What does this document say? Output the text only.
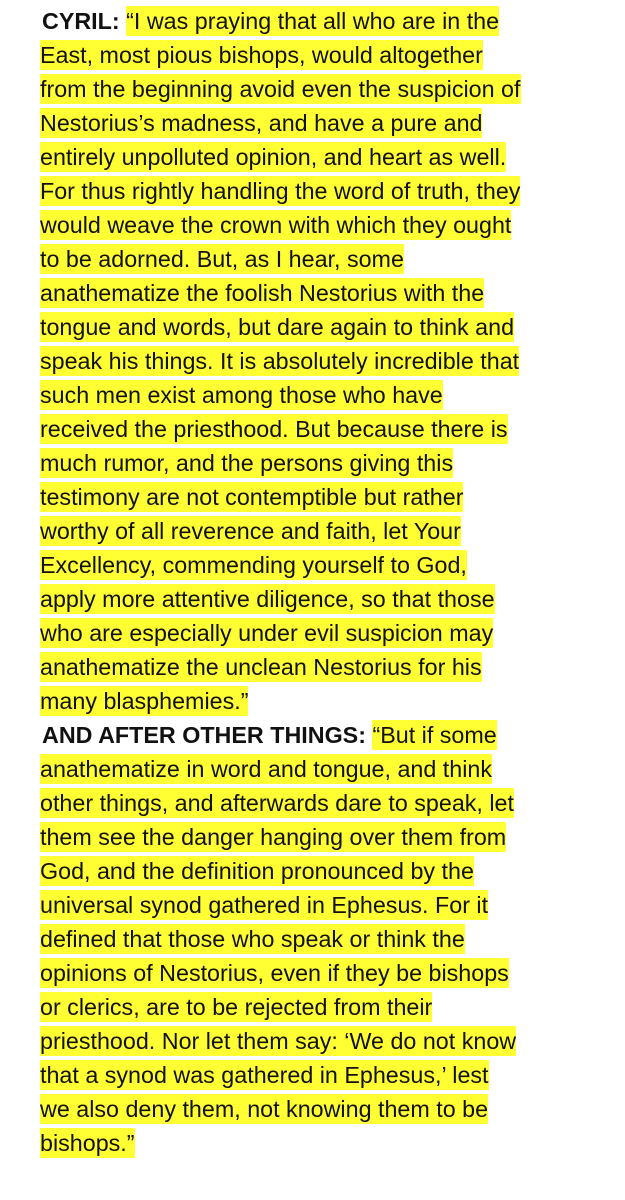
CYRIL: “I was praying that all who are in the
East, most pious bishops, would altogether
from the beginning avoid even the suspicion of
Nestorius’s madness, and have a pure and
entirely unpolluted opinion, and heart as well.
For thus rightly handling the word of truth, they
would weave the crown with which they ought
to be adorned. But, as I hear, some
anathematize the foolish Nestorius with the
tongue and words, but dare again to think and
speak his things. It is absolutely incredible that
such men exist among those who have
received the priesthood. But because there is
much rumor, and the persons giving this
testimony are not contemptible but rather
worthy of all reverence and faith, let Your
Excellency, commending yourself to God,
apply more attentive diligence, so that those
who are especially under evil suspicion may
anathematize the unclean Nestorius for his
many blasphemies.”
AND AFTER OTHER THINGS: “But if some
anathematize in word and tongue, and think
other things, and afterwards dare to speak, let
them see the danger hanging over them from
God, and the definition pronounced by the
universal synod gathered in Ephesus. For it
defined that those who speak or think the
opinions of Nestorius, even if they be bishops
or clerics, are to be rejected from their
priesthood. Nor let them say: ‘We do not know
that a synod was gathered in Ephesus,’ lest
we also deny them, not knowing them to be
bishops.”
